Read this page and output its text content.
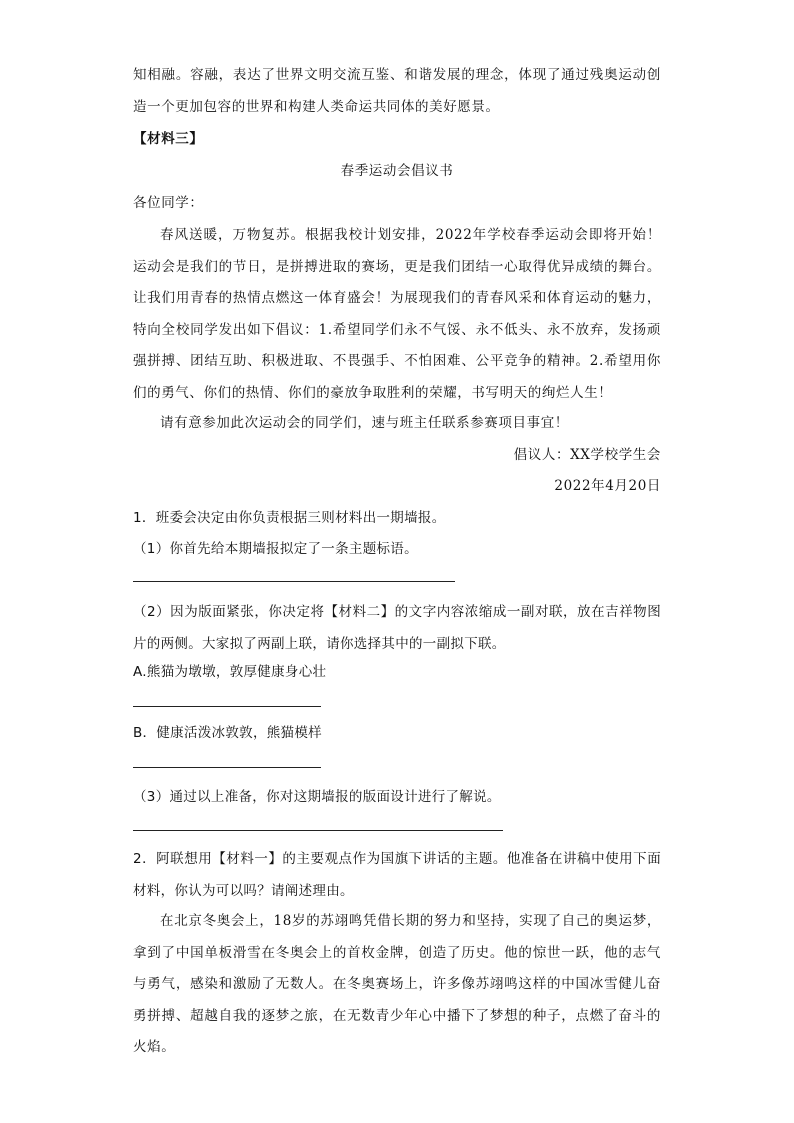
知相融。容融，表达了世界文明交流互鉴、和谐发展的理念，体现了通过残奥运动创造一个更加包容的世界和构建人类命运共同体的美好愿景。

【材料三】

春季运动会倡议书

各位同学：

春风送暖，万物复苏。根据我校计划安排，2022年学校春季运动会即将开始！运动会是我们的节日，是拼搏进取的赛场，更是我们团结一心取得优异成绩的舞台。让我们用青春的热情点燃这一体育盛会！为展现我们的青春风采和体育运动的魅力，特向全校同学发出如下倡议：1.希望同学们永不气馁、永不低头、永不放弃，发扬顽强拼搏、团结互助、积极进取、不畏强手、不怕困难、公平竞争的精神。2.希望用你们的勇气、你们的热情、你们的豪放争取胜利的荣耀，书写明天的绚烂人生！

请有意参加此次运动会的同学们，速与班主任联系参赛项目事宜！

倡议人：XX学校学生会

2022年4月20日

1．班委会决定由你负责根据三则材料出一期墙报。

（1）你首先给本期墙报拟定了一条主题标语。

（2）因为版面紧张，你决定将【材料二】的文字内容浓缩成一副对联，放在吉祥物图片的两侧。大家拟了两副上联，请你选择其中的一副拟下联。

A.熊猫为墩墩，敦厚健康身心壮

B．健康活泼冰敦敦，熊猫模样

（3）通过以上准备，你对这期墙报的版面设计进行了解说。

2．阿联想用【材料一】的主要观点作为国旗下讲话的主题。他准备在讲稿中使用下面材料，你认为可以吗？请阐述理由。

在北京冬奥会上，18岁的苏翊鸣凭借长期的努力和坚持，实现了自己的奥运梦，拿到了中国单板滑雪在冬奥会上的首枚金牌，创造了历史。他的惊世一跃，他的志气与勇气，感染和激励了无数人。在冬奥赛场上，许多像苏翊鸣这样的中国冰雪健儿奋勇拼搏、超越自我的逐梦之旅，在无数青少年心中播下了梦想的种子，点燃了奋斗的火焰。
